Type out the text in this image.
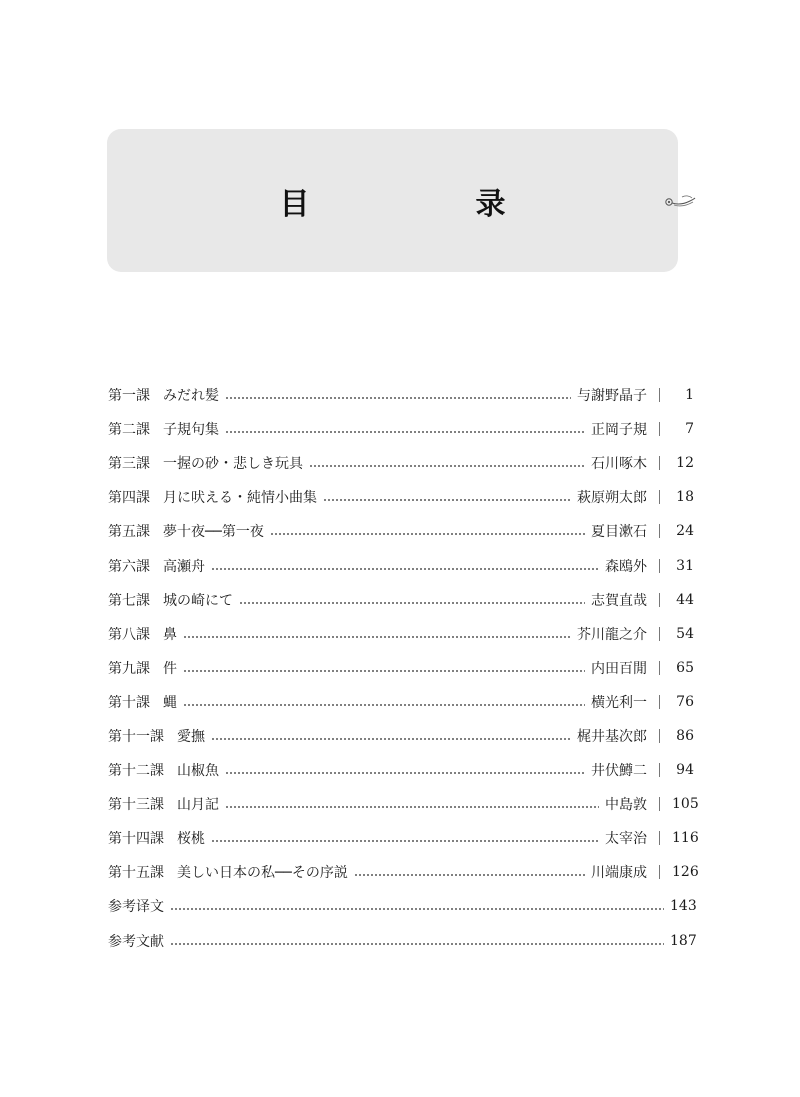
目　录
第一課 みだれ髪	与謝野晶子	1
第二課 子規句集	正岡子規	7
第三課 一握の砂・悲しき玩具	石川啄木 12
第四課 月に吠える・純情小曲集	萩原朔太郎 18
第五課 夢十夜──第一夜	夏目漱石 24
第六課 高瀬舟	森鴎外 31
第七課 城の崎にて	志賀直哉 44
第八課 鼻	芥川龍之介 54
第九課 件	内田百閒 65
第十課 蝿	横光利一 76
第十一課 愛撫	梶井基次郎 86
第十二課 山椒魚	井伏鱒二 94
第十三課 山月記	中島敦 105
第十四課 桜桃	太宰治 116
第十五課 美しい日本の私──その序説	川端康成 126
参考译文	143
参考文献	187
